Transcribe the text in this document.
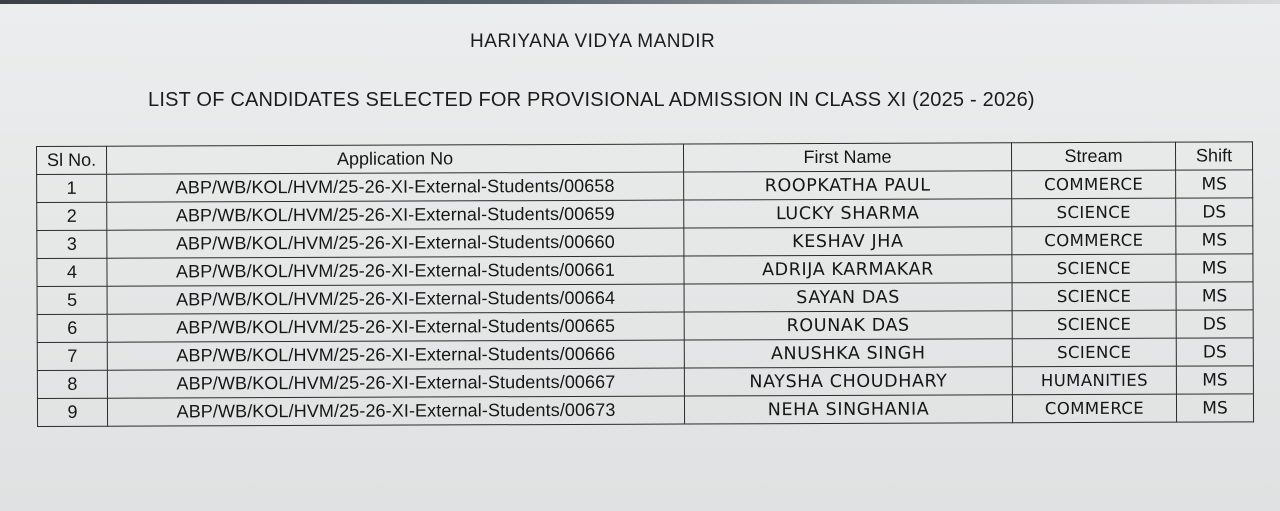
HARIYANA VIDYA MANDIR
LIST OF CANDIDATES SELECTED FOR PROVISIONAL ADMISSION IN CLASS XI (2025 - 2026)
Sl No.	Application No	First Name	Stream	Shift
1	ABP/WB/KOL/HVM/25-26-XI-External-Students/00658	ROOPKATHA PAUL	COMMERCE	MS
2	ABP/WB/KOL/HVM/25-26-XI-External-Students/00659	LUCKY SHARMA	SCIENCE	DS
3	ABP/WB/KOL/HVM/25-26-XI-External-Students/00660	KESHAV JHA	COMMERCE	MS
4	ABP/WB/KOL/HVM/25-26-XI-External-Students/00661	ADRIJA KARMAKAR	SCIENCE	MS
5	ABP/WB/KOL/HVM/25-26-XI-External-Students/00664	SAYAN DAS	SCIENCE	MS
6	ABP/WB/KOL/HVM/25-26-XI-External-Students/00665	ROUNAK DAS	SCIENCE	DS
7	ABP/WB/KOL/HVM/25-26-XI-External-Students/00666	ANUSHKA SINGH	SCIENCE	DS
8	ABP/WB/KOL/HVM/25-26-XI-External-Students/00667	NAYSHA CHOUDHARY	HUMANITIES	MS
9	ABP/WB/KOL/HVM/25-26-XI-External-Students/00673	NEHA SINGHANIA	COMMERCE	MS
